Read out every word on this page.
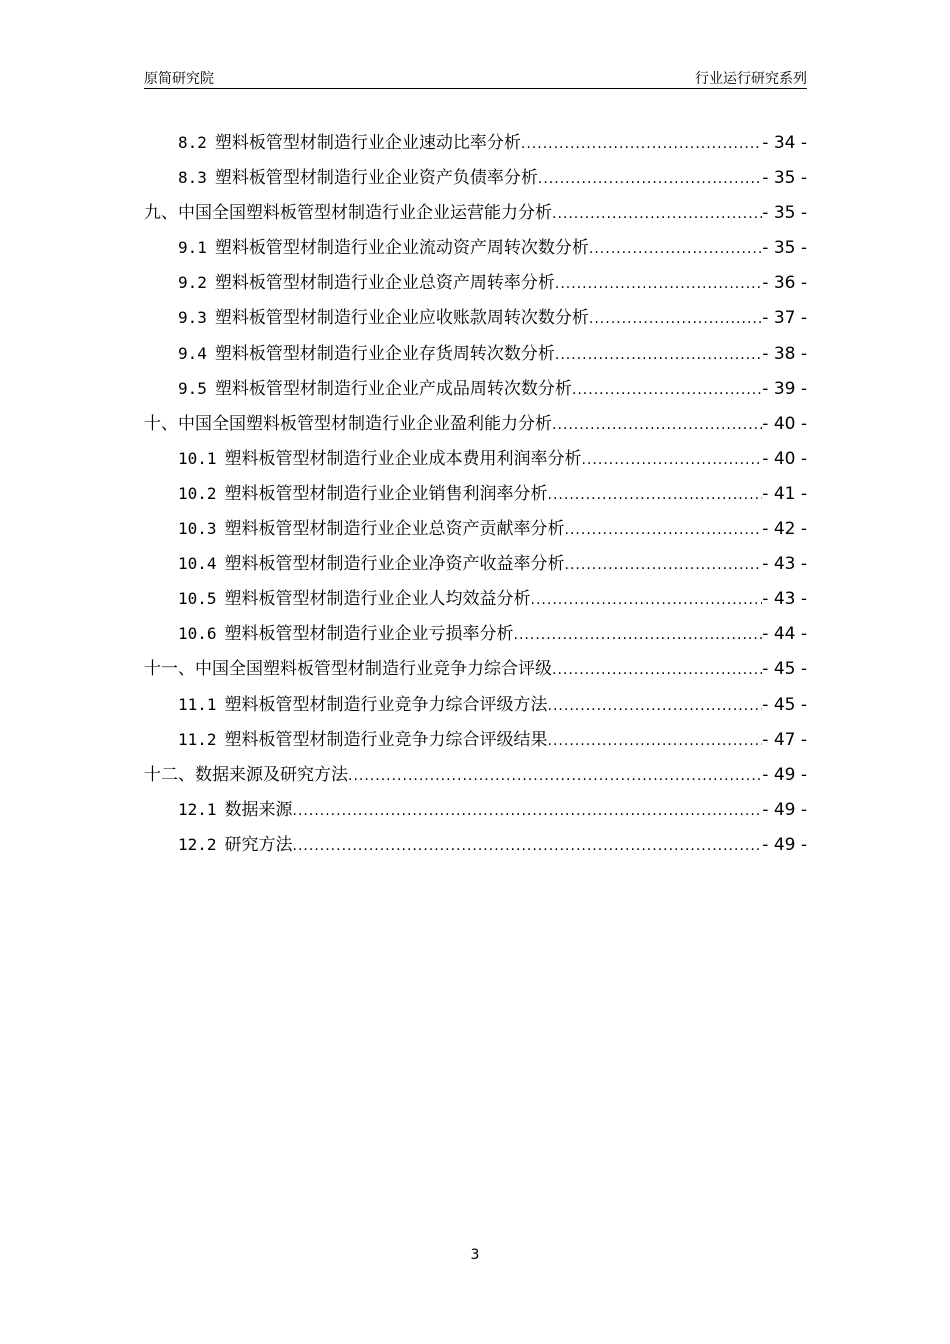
原简研究院	行业运行研究系列
8.2 塑料板管型材制造行业企业速动比率分析 .....	- 34 -
8.3 塑料板管型材制造行业企业资产负债率分析 .....	- 35 -
九、中国全国塑料板管型材制造行业企业运营能力分析 .....	- 35 -
9.1 塑料板管型材制造行业企业流动资产周转次数分析 .....	- 35 -
9.2 塑料板管型材制造行业企业总资产周转率分析 .....	- 36 -
9.3 塑料板管型材制造行业企业应收账款周转次数分析 .....	- 37 -
9.4 塑料板管型材制造行业企业存货周转次数分析 .....	- 38 -
9.5 塑料板管型材制造行业企业产成品周转次数分析 .....	- 39 -
十、中国全国塑料板管型材制造行业企业盈利能力分析 .....	- 40 -
10.1 塑料板管型材制造行业企业成本费用利润率分析 .....	- 40 -
10.2 塑料板管型材制造行业企业销售利润率分析 .....	- 41 -
10.3 塑料板管型材制造行业企业总资产贡献率分析 .....	- 42 -
10.4 塑料板管型材制造行业企业净资产收益率分析 .....	- 43 -
10.5 塑料板管型材制造行业企业人均效益分析 .....	- 43 -
10.6 塑料板管型材制造行业企业亏损率分析 .....	- 44 -
十一、中国全国塑料板管型材制造行业竞争力综合评级 .....	- 45 -
11.1 塑料板管型材制造行业竞争力综合评级方法 .....	- 45 -
11.2 塑料板管型材制造行业竞争力综合评级结果 .....	- 47 -
十二、数据来源及研究方法 .....	- 49 -
12.1 数据来源 .....	- 49 -
12.2 研究方法 .....	- 49 -
3
